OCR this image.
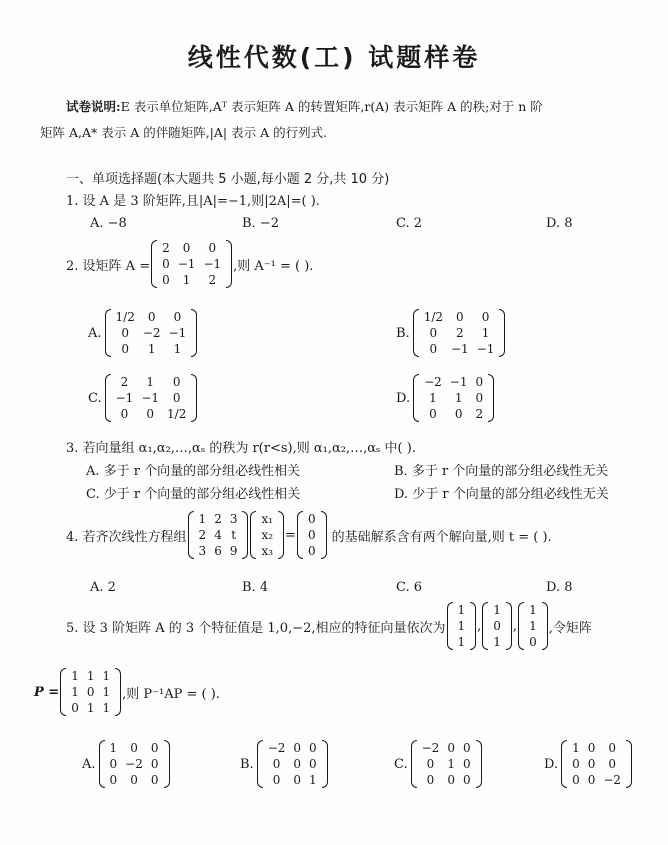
线性代数(工) 试题样卷
试卷说明:E 表示单位矩阵,Aᵀ 表示矩阵 A 的转置矩阵,r(A) 表示矩阵 A 的秩;对于 n 阶
矩阵 A,A* 表示 A 的伴随矩阵,|A| 表示 A 的行列式.
一、单项选择题(本大题共 5 小题,每小题 2 分,共 10 分)
1. 设 A 是 3 阶矩阵,且|A|=−1,则|2A|=( ).
A. −8	B. −2	C. 2	D. 8
2. 设矩阵 A =
2	0	0
0 −1 −1
0	1	2
,则 A⁻¹ = ( ).
A.
1/2	0	0
0	−2 −1
0	1	1
B.
1/2	0	0
0	2	1
0	−1 −1
C.
2	1	0
−1 −1	0
0	0	1/2
D.
−2 −1 0
1	1	0
0	0	2
3. 若向量组 α₁,α₂,…,αₛ 的秩为 r(r<s),则 α₁,α₂,…,αₛ 中( ).
A. 多于 r 个向量的部分组必线性相关	B. 多于 r 个向量的部分组必线性无关
C. 少于 r 个向量的部分组必线性相关	D. 少于 r 个向量的部分组必线性无关
4. 若齐次线性方程组
1 2 3
2 4 t
3 6 9
x₁
x₂
x₃
=
0
0
0
的基础解系含有两个解向量,则 t = ( ).
A. 2	B. 4	C. 6	D. 8
5. 设 3 阶矩阵 A 的 3 个特征值是 1,0,−2,相应的特征向量依次为
1
1
1
,
1
0
1
,
1
1
0
,令矩阵
P =
1 1 1
1 0 1
0 1 1
,则 P⁻¹AP = ( ).
A.
1	0	0
0 −2 0
0	0	0
B.
−2 0 0
0	0 0
0	0 1
C.
−2 0 0
0	1 0
0	0 0
D.
1 0	0
0 0	0
0 0 −2
